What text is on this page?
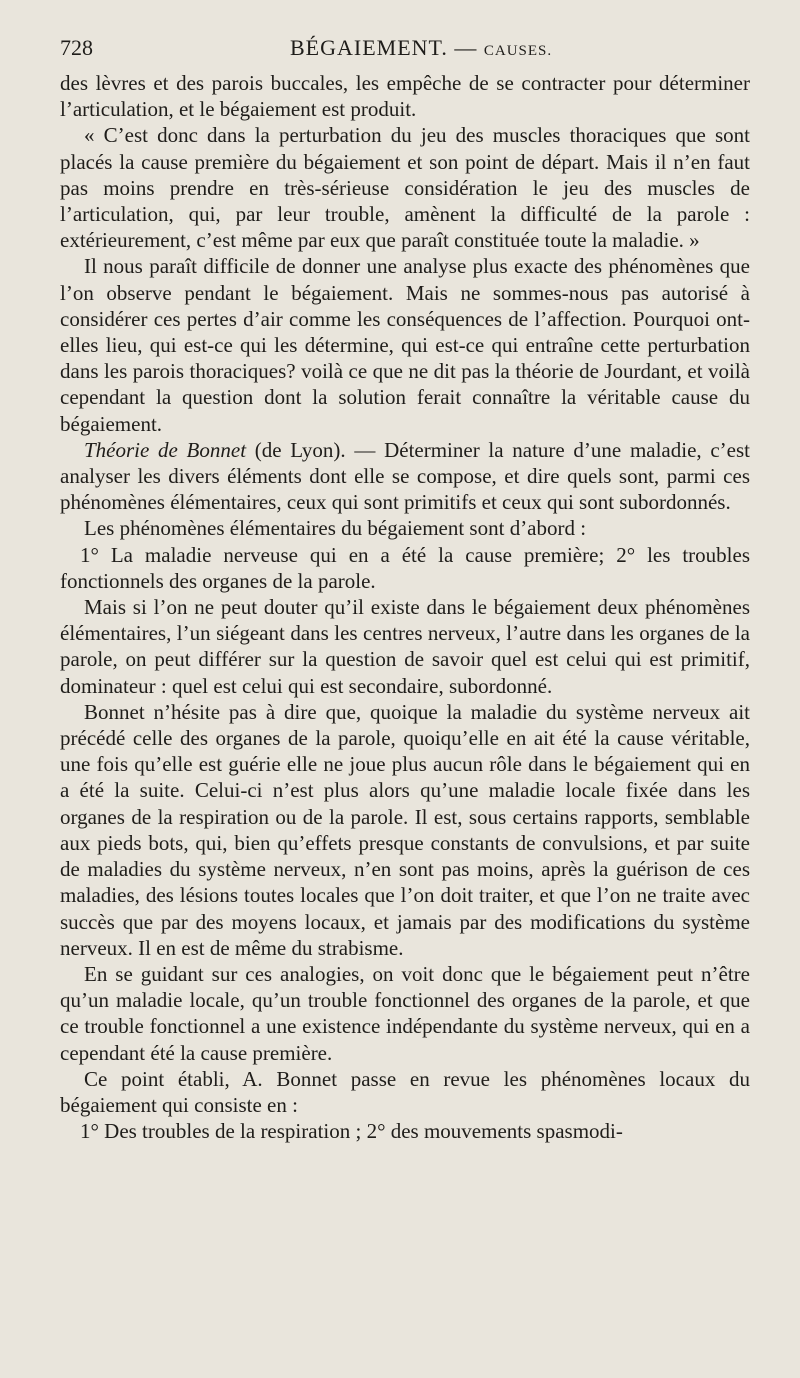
728	BÉGAIEMENT. — CAUSES.

des lèvres et des parois buccales, les empêche de se contracter pour déterminer l’articulation, et le bégaiement est produit.

« C’est donc dans la perturbation du jeu des muscles thoraciques que sont placés la cause première du bégaiement et son point de départ. Mais il n’en faut pas moins prendre en très-sérieuse considération le jeu des muscles de l’articulation, qui, par leur trouble, amènent la difficulté de la parole : extérieurement, c’est même par eux que paraît constituée toute la maladie. »

Il nous paraît difficile de donner une analyse plus exacte des phénomènes que l’on observe pendant le bégaiement. Mais ne sommes-nous pas autorisé à considérer ces pertes d’air comme les conséquences de l’affection. Pourquoi ont-elles lieu, qui est-ce qui les détermine, qui est-ce qui entraîne cette perturbation dans les parois thoraciques? voilà ce que ne dit pas la théorie de Jourdant, et voilà cependant la question dont la solution ferait connaître la véritable cause du bégaiement.

Théorie de Bonnet (de Lyon). — Déterminer la nature d’une maladie, c’est analyser les divers éléments dont elle se compose, et dire quels sont, parmi ces phénomènes élémentaires, ceux qui sont primitifs et ceux qui sont subordonnés.

Les phénomènes élémentaires du bégaiement sont d’abord :

1° La maladie nerveuse qui en a été la cause première; 2° les troubles fonctionnels des organes de la parole.

Mais si l’on ne peut douter qu’il existe dans le bégaiement deux phénomènes élémentaires, l’un siégeant dans les centres nerveux, l’autre dans les organes de la parole, on peut différer sur la question de savoir quel est celui qui est primitif, dominateur : quel est celui qui est secondaire, subordonné.

Bonnet n’hésite pas à dire que, quoique la maladie du système nerveux ait précédé celle des organes de la parole, quoiqu’elle en ait été la cause véritable, une fois qu’elle est guérie elle ne joue plus aucun rôle dans le bégaiement qui en a été la suite. Celui-ci n’est plus alors qu’une maladie locale fixée dans les organes de la respiration ou de la parole. Il est, sous certains rapports, semblable aux pieds bots, qui, bien qu’effets presque constants de convulsions, et par suite de maladies du système nerveux, n’en sont pas moins, après la guérison de ces maladies, des lésions toutes locales que l’on doit traiter, et que l’on ne traite avec succès que par des moyens locaux, et jamais par des modifications du système nerveux. Il en est de même du strabisme.

En se guidant sur ces analogies, on voit donc que le bégaiement peut n’être qu’un maladie locale, qu’un trouble fonctionnel des organes de la parole, et que ce trouble fonctionnel a une existence indépendante du système nerveux, qui en a cependant été la cause première.

Ce point établi, A. Bonnet passe en revue les phénomènes locaux du bégaiement qui consiste en :

1° Des troubles de la respiration ; 2° des mouvements spasmodi-
